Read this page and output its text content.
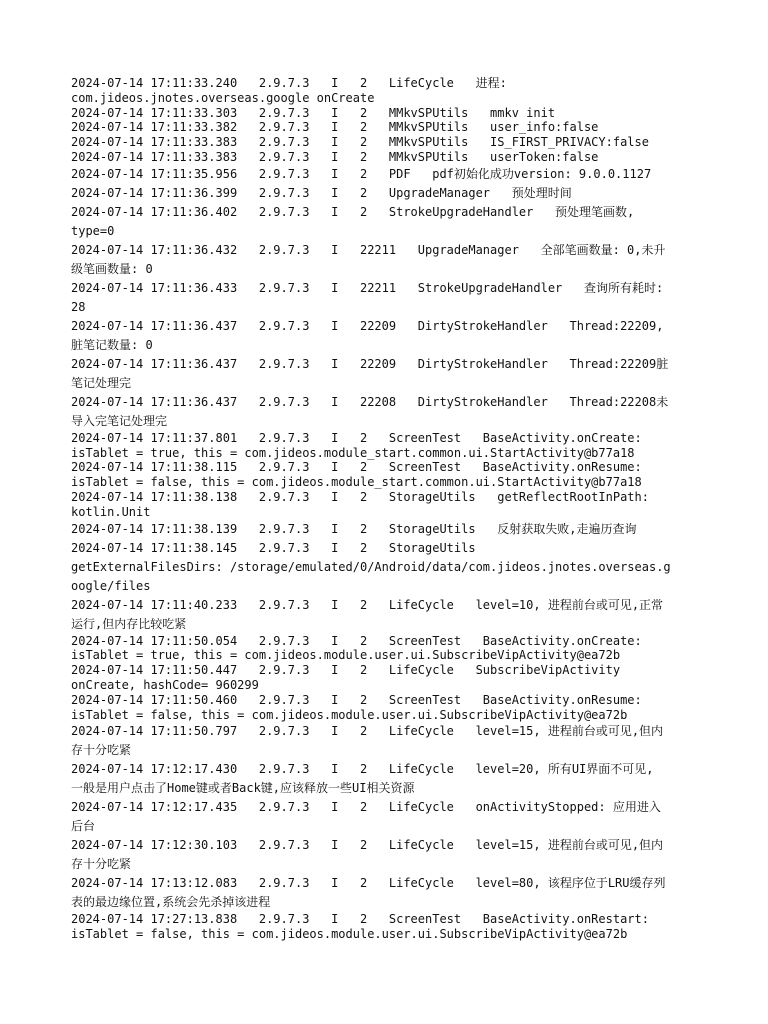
2024-07-14 17:11:33.240   2.9.7.3   I   2   LifeCycle   进程:
com.jideos.jnotes.overseas.google onCreate

2024-07-14 17:11:33.303   2.9.7.3   I   2   MMkvSPUtils   mmkv init

2024-07-14 17:11:33.382   2.9.7.3   I   2   MMkvSPUtils   user_info:false

2024-07-14 17:11:33.383   2.9.7.3   I   2   MMkvSPUtils   IS_FIRST_PRIVACY:false

2024-07-14 17:11:33.383   2.9.7.3   I   2   MMkvSPUtils   userToken:false

2024-07-14 17:11:35.956   2.9.7.3   I   2   PDF   pdf初始化成功version: 9.0.0.1127

2024-07-14 17:11:36.399   2.9.7.3   I   2   UpgradeManager   预处理时间

2024-07-14 17:11:36.402   2.9.7.3   I   2   StrokeUpgradeHandler   预处理笔画数,
type=0

2024-07-14 17:11:36.432   2.9.7.3   I   22211   UpgradeManager   全部笔画数量: 0,未升
级笔画数量: 0

2024-07-14 17:11:36.433   2.9.7.3   I   22211   StrokeUpgradeHandler   查询所有耗时:
28

2024-07-14 17:11:36.437   2.9.7.3   I   22209   DirtyStrokeHandler   Thread:22209,
脏笔记数量: 0

2024-07-14 17:11:36.437   2.9.7.3   I   22209   DirtyStrokeHandler   Thread:22209脏
笔记处理完

2024-07-14 17:11:36.437   2.9.7.3   I   22208   DirtyStrokeHandler   Thread:22208未
导入完笔记处理完

2024-07-14 17:11:37.801   2.9.7.3   I   2   ScreenTest   BaseActivity.onCreate:
isTablet = true, this = com.jideos.module_start.common.ui.StartActivity@b77a18

2024-07-14 17:11:38.115   2.9.7.3   I   2   ScreenTest   BaseActivity.onResume:
isTablet = false, this = com.jideos.module_start.common.ui.StartActivity@b77a18

2024-07-14 17:11:38.138   2.9.7.3   I   2   StorageUtils   getReflectRootInPath:
kotlin.Unit

2024-07-14 17:11:38.139   2.9.7.3   I   2   StorageUtils   反射获取失败,走遍历查询

2024-07-14 17:11:38.145   2.9.7.3   I   2   StorageUtils
getExternalFilesDirs: /storage/emulated/0/Android/data/com.jideos.jnotes.overseas.g
oogle/files

2024-07-14 17:11:40.233   2.9.7.3   I   2   LifeCycle   level=10, 进程前台或可见,正常
运行,但内存比较吃紧

2024-07-14 17:11:50.054   2.9.7.3   I   2   ScreenTest   BaseActivity.onCreate:
isTablet = true, this = com.jideos.module.user.ui.SubscribeVipActivity@ea72b

2024-07-14 17:11:50.447   2.9.7.3   I   2   LifeCycle   SubscribeVipActivity
onCreate, hashCode= 960299

2024-07-14 17:11:50.460   2.9.7.3   I   2   ScreenTest   BaseActivity.onResume:
isTablet = false, this = com.jideos.module.user.ui.SubscribeVipActivity@ea72b

2024-07-14 17:11:50.797   2.9.7.3   I   2   LifeCycle   level=15, 进程前台或可见,但内
存十分吃紧

2024-07-14 17:12:17.430   2.9.7.3   I   2   LifeCycle   level=20, 所有UI界面不可见,
一般是用户点击了Home键或者Back键,应该释放一些UI相关资源

2024-07-14 17:12:17.435   2.9.7.3   I   2   LifeCycle   onActivityStopped: 应用进入
后台

2024-07-14 17:12:30.103   2.9.7.3   I   2   LifeCycle   level=15, 进程前台或可见,但内
存十分吃紧

2024-07-14 17:13:12.083   2.9.7.3   I   2   LifeCycle   level=80, 该程序位于LRU缓存列
表的最边缘位置,系统会先杀掉该进程

2024-07-14 17:27:13.838   2.9.7.3   I   2   ScreenTest   BaseActivity.onRestart:
isTablet = false, this = com.jideos.module.user.ui.SubscribeVipActivity@ea72b
